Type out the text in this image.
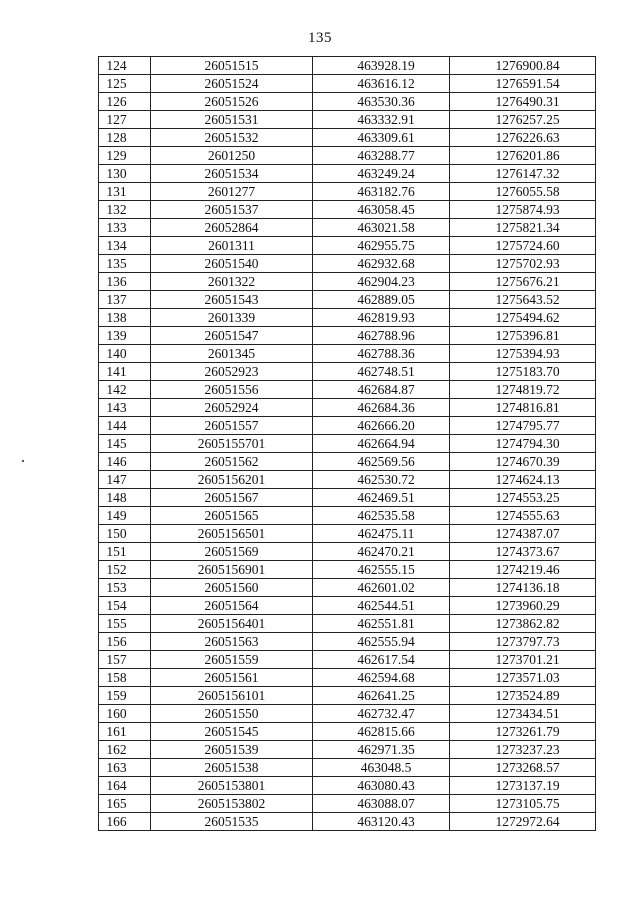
135
124	26051515	463928.19	1276900.84
125	26051524	463616.12	1276591.54
126	26051526	463530.36	1276490.31
127	26051531	463332.91	1276257.25
128	26051532	463309.61	1276226.63
129	2601250	463288.77	1276201.86
130	26051534	463249.24	1276147.32
131	2601277	463182.76	1276055.58
132	26051537	463058.45	1275874.93
133	26052864	463021.58	1275821.34
134	2601311	462955.75	1275724.60
135	26051540	462932.68	1275702.93
136	2601322	462904.23	1275676.21
137	26051543	462889.05	1275643.52
138	2601339	462819.93	1275494.62
139	26051547	462788.96	1275396.81
140	2601345	462788.36	1275394.93
141	26052923	462748.51	1275183.70
142	26051556	462684.87	1274819.72
143	26052924	462684.36	1274816.81
144	26051557	462666.20	1274795.77
145	2605155701	462664.94	1274794.30
146	26051562	462569.56	1274670.39
147	2605156201	462530.72	1274624.13
148	26051567	462469.51	1274553.25
149	26051565	462535.58	1274555.63
150	2605156501	462475.11	1274387.07
151	26051569	462470.21	1274373.67
152	2605156901	462555.15	1274219.46
153	26051560	462601.02	1274136.18
154	26051564	462544.51	1273960.29
155	2605156401	462551.81	1273862.82
156	26051563	462555.94	1273797.73
157	26051559	462617.54	1273701.21
158	26051561	462594.68	1273571.03
159	2605156101	462641.25	1273524.89
160	26051550	462732.47	1273434.51
161	26051545	462815.66	1273261.79
162	26051539	462971.35	1273237.23
163	26051538	463048.5	1273268.57
164	2605153801	463080.43	1273137.19
165	2605153802	463088.07	1273105.75
166	26051535	463120.43	1272972.64
